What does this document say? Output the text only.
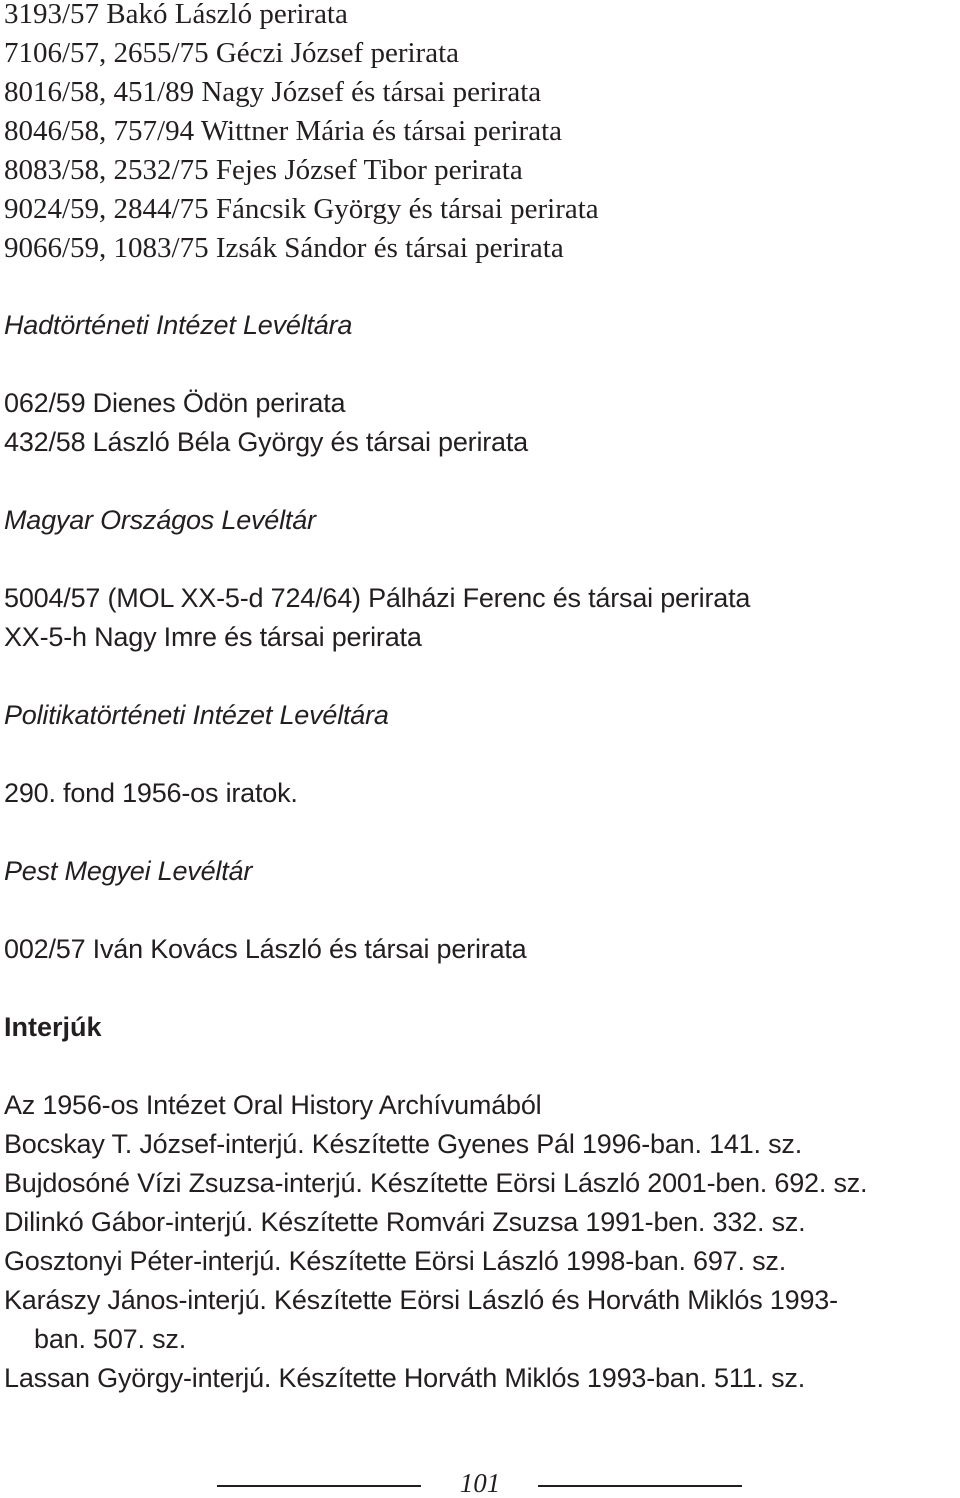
3193/57 Bakó László perirata
7106/57, 2655/75 Géczi József perirata
8016/58, 451/89 Nagy József és társai perirata
8046/58, 757/94 Wittner Mária és társai perirata
8083/58, 2532/75 Fejes József Tibor perirata
9024/59, 2844/75 Fáncsik György és társai perirata
9066/59, 1083/75 Izsák Sándor és társai perirata
Hadtörténeti Intézet Levéltára
062/59 Dienes Ödön perirata
432/58 László Béla György és társai perirata
Magyar Országos Levéltár
5004/57 (MOL XX-5-d 724/64) Pálházi Ferenc és társai perirata
XX-5-h Nagy Imre és társai perirata
Politikatörténeti Intézet Levéltára
290. fond 1956-os iratok.
Pest Megyei Levéltár
002/57 Iván Kovács László és társai perirata
Interjúk
Az 1956-os Intézet Oral History Archívumából
Bocskay T. József-interjú. Készítette Gyenes Pál 1996-ban. 141. sz.
Bujdosóné Vízi Zsuzsa-interjú. Készítette Eörsi László 2001-ben. 692. sz.
Dilinkó Gábor-interjú. Készítette Romvári Zsuzsa 1991-ben. 332. sz.
Gosztonyi Péter-interjú. Készítette Eörsi László 1998-ban. 697. sz.
Karászy János-interjú. Készítette Eörsi László és Horváth Miklós 1993-
ban. 507. sz.
Lassan György-interjú. Készítette Horváth Miklós 1993-ban. 511. sz.
101
